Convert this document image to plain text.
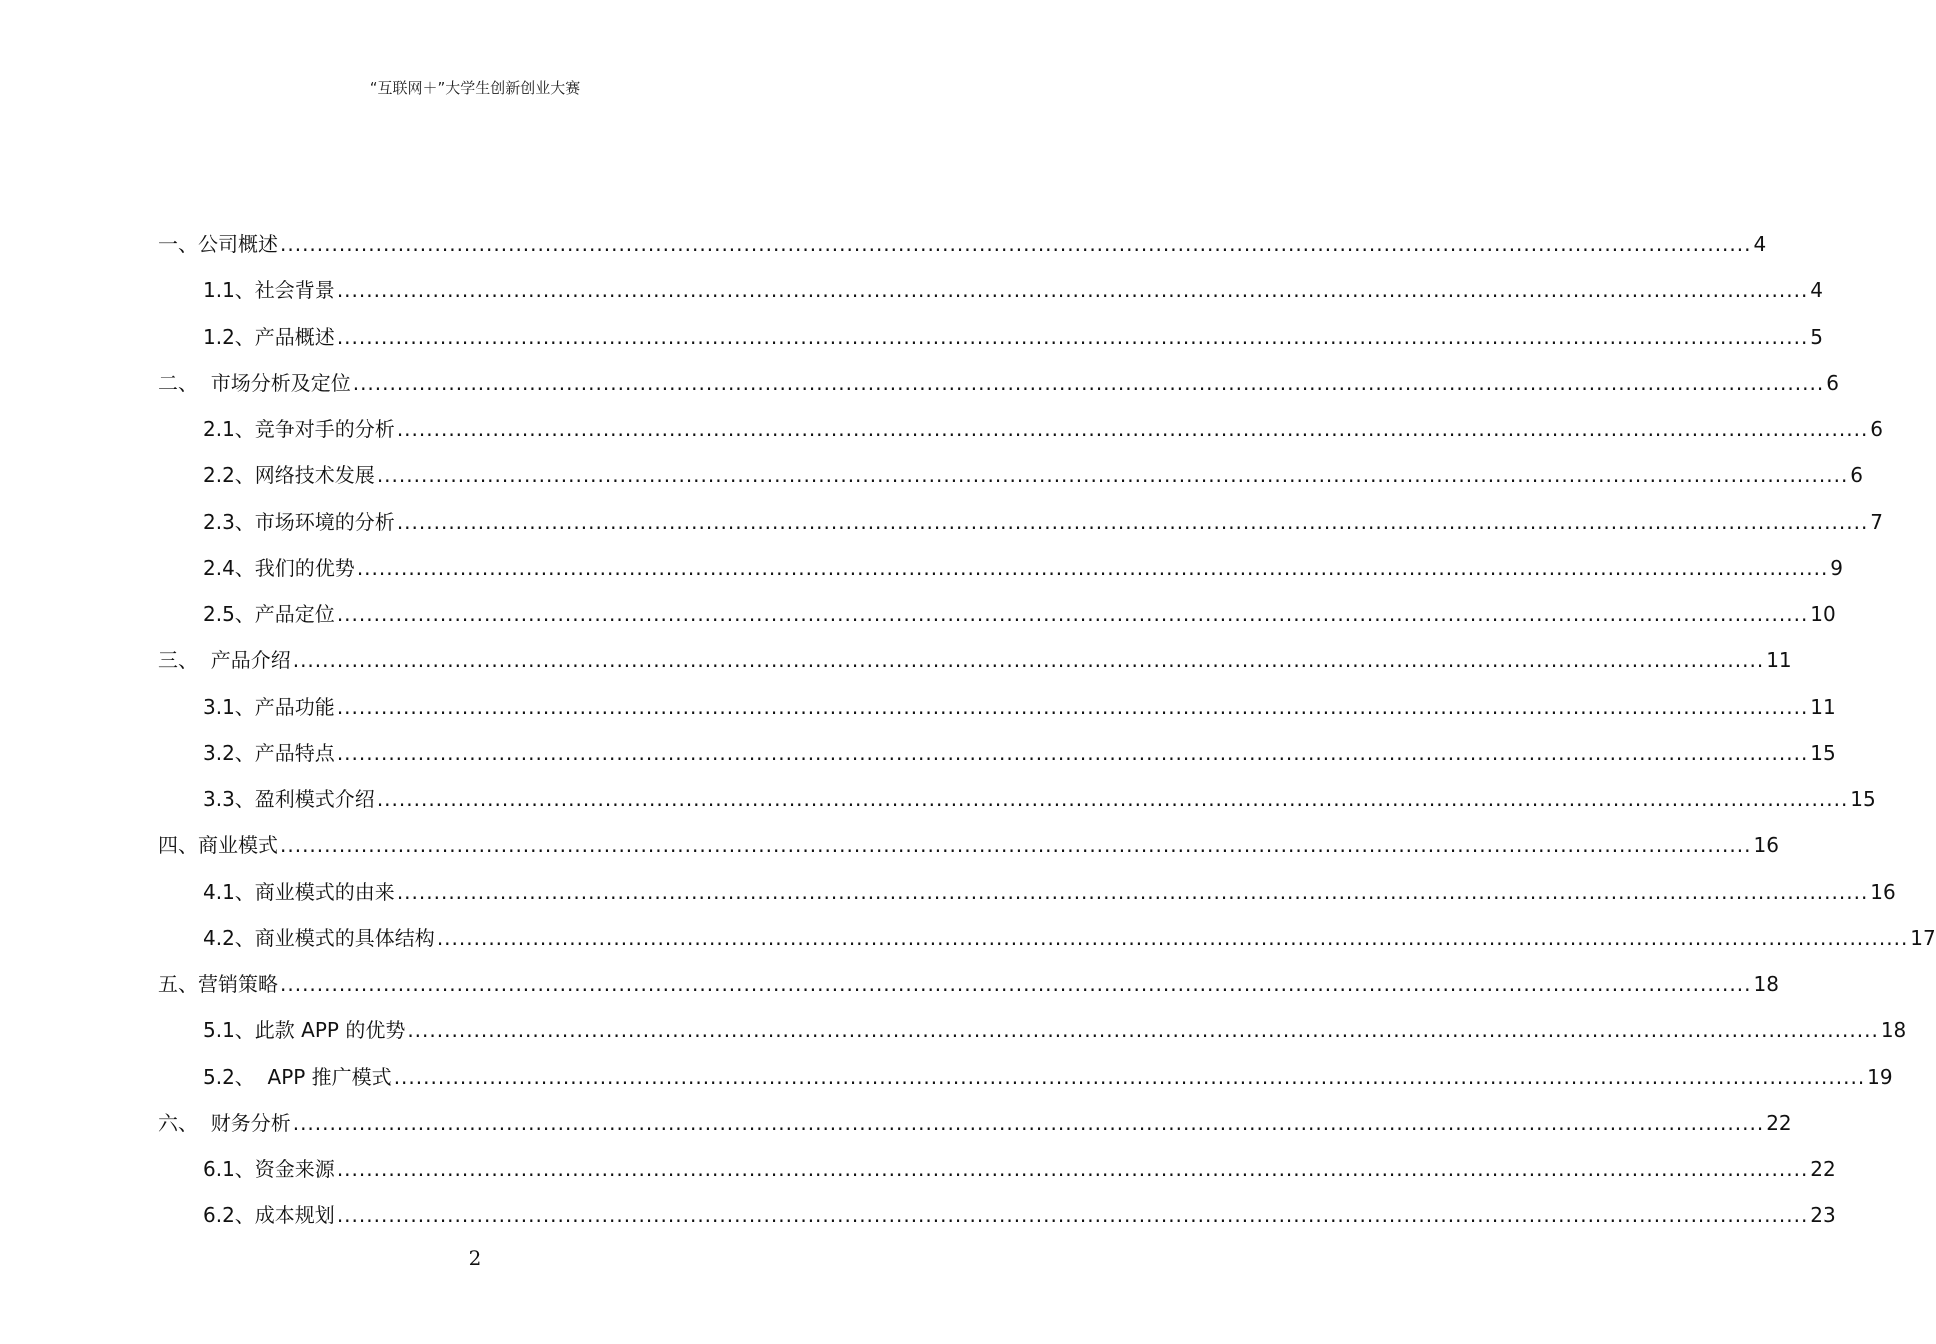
“互联网＋”大学生创新创业大赛
一、公司概述 ........................................................................................................................................................................................................ 4
1.1、社会背景 ........................................................................................................................................................................................................ 4
1.2、产品概述 ........................................................................................................................................................................................................ 5
二、  市场分析及定位 ........................................................................................................................................................................................................ 6
2.1、竞争对手的分析 ........................................................................................................................................................................................................ 6
2.2、网络技术发展 ........................................................................................................................................................................................................ 6
2.3、市场环境的分析 ........................................................................................................................................................................................................ 7
2.4、我们的优势 ........................................................................................................................................................................................................ 9
2.5、产品定位 ........................................................................................................................................................................................................ 10
三、  产品介绍 ........................................................................................................................................................................................................ 11
3.1、产品功能 ........................................................................................................................................................................................................ 11
3.2、产品特点 ........................................................................................................................................................................................................ 15
3.3、盈利模式介绍 ........................................................................................................................................................................................................ 15
四、商业模式 ........................................................................................................................................................................................................ 16
4.1、商业模式的由来 ........................................................................................................................................................................................................ 16
4.2、商业模式的具体结构 ........................................................................................................................................................................................................ 17
五、营销策略 ........................................................................................................................................................................................................ 18
5.1、此款 APP 的优势 ........................................................................................................................................................................................................ 18
5.2、  APP 推广模式 ........................................................................................................................................................................................................ 19
六、  财务分析 ........................................................................................................................................................................................................ 22
6.1、资金来源 ........................................................................................................................................................................................................ 22
6.2、成本规划 ........................................................................................................................................................................................................ 23
2
